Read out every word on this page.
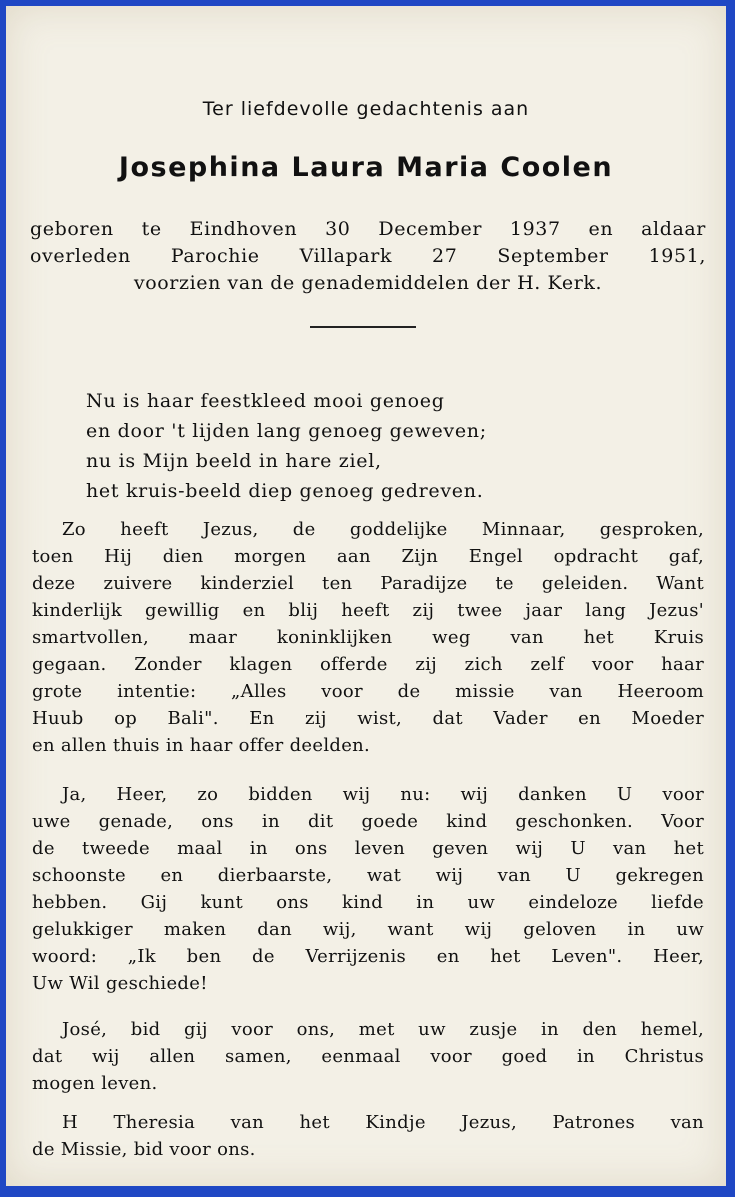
Ter liefdevolle gedachtenis aan
Josephina Laura Maria Coolen
geboren te Eindhoven 30 December 1937 en aldaar
overleden Parochie Villapark 27 September 1951,
voorzien van de genademiddelen der H. Kerk.
Nu is haar feestkleed mooi genoeg
en door 't lijden lang genoeg geweven;
nu is Mijn beeld in hare ziel,
het kruis-beeld diep genoeg gedreven.
Zo heeft Jezus, de goddelijke Minnaar, gesproken,
toen Hij dien morgen aan Zijn Engel opdracht gaf,
deze zuivere kinderziel ten Paradijze te geleiden. Want
kinderlijk gewillig en blij heeft zij twee jaar lang Jezus'
smartvollen, maar koninklijken weg van het Kruis
gegaan. Zonder klagen offerde zij zich zelf voor haar
grote intentie: „Alles voor de missie van Heeroom
Huub op Bali". En zij wist, dat Vader en Moeder
en allen thuis in haar offer deelden.
Ja, Heer, zo bidden wij nu: wij danken U voor
uwe genade, ons in dit goede kind geschonken. Voor
de tweede maal in ons leven geven wij U van het
schoonste en dierbaarste, wat wij van U gekregen
hebben. Gij kunt ons kind in uw eindeloze liefde
gelukkiger maken dan wij, want wij geloven in uw
woord: „Ik ben de Verrijzenis en het Leven". Heer,
Uw Wil geschiede!
José, bid gij voor ons, met uw zusje in den hemel,
dat wij allen samen, eenmaal voor goed in Christus
mogen leven.
H Theresia van het Kindje Jezus, Patrones van
de Missie, bid voor ons.
